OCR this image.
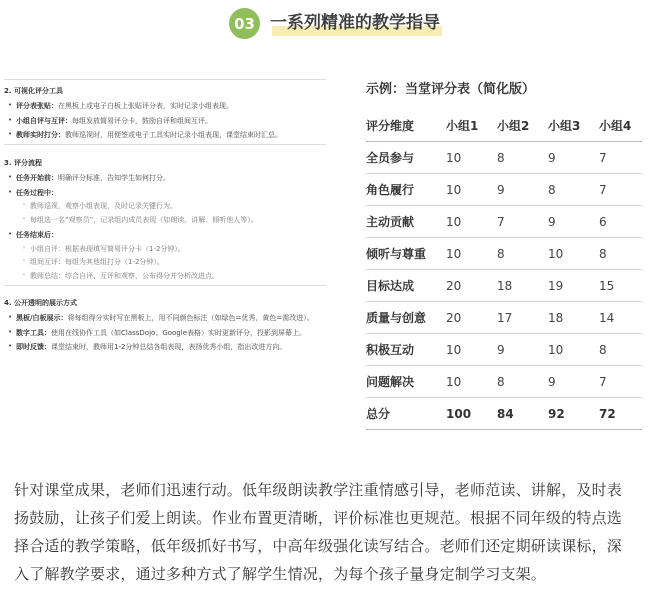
03 一系列精准的教学指导
2. 可视化评分工具
• 评分表张贴：在黑板上或电子白板上张贴评分表，实时记录小组表现。
• 小组自评与互评：每组发放简易评分卡，鼓励自评和组间互评。
• 教师实时打分：教师巡视时，用便签或电子工具实时记录小组表现，课堂结束时汇总。
3. 评分流程
• 任务开始前：明确评分标准，告知学生如何打分。
• 任务过程中：
◦ 教师巡视，观察小组表现，及时记录关键行为。
◦ 每组选一名“观察员”，记录组内成员表现（如朗读、讲解、倾听他人等）。
• 任务结束后：
◦ 小组自评：根据表现填写简易评分卡（1-2分钟）。
◦ 组间互评：每组为其他组打分（1-2分钟）。
◦ 教师总结：综合自评、互评和观察，公布得分并分析改进点。
4. 公开透明的展示方式
• 黑板/白板展示：将每组得分实时写在黑板上，用不同颜色标注（如绿色=优秀，黄色=需改进）。
• 数字工具：使用在线协作工具（如ClassDojo、Google表格）实时更新评分，投影到屏幕上。
• 即时反馈：课堂结束时，教师用1-2分钟总结各组表现，表扬优秀小组，指出改进方向。
示例：当堂评分表（简化版）
评分维度	小组1	小组2	小组3	小组4
全员参与	10	8	9	7
角色履行	10	9	8	7
主动贡献	10	7	9	6
倾听与尊重	10	8	10	8
目标达成	20	18	19	15
质量与创意	20	17	18	14
积极互动	10	9	10	8
问题解决	10	8	9	7
总分	100	84	92	72
针对课堂成果，老师们迅速行动。低年级朗读教学注重情感引导，老师范读、讲解，及时表
扬鼓励，让孩子们爱上朗读。作业布置更清晰，评价标准也更规范。根据不同年级的特点选
择合适的教学策略，低年级抓好书写，中高年级强化读写结合。老师们还定期研读课标，深
入了解教学要求，通过多种方式了解学生情况，为每个孩子量身定制学习支架。
